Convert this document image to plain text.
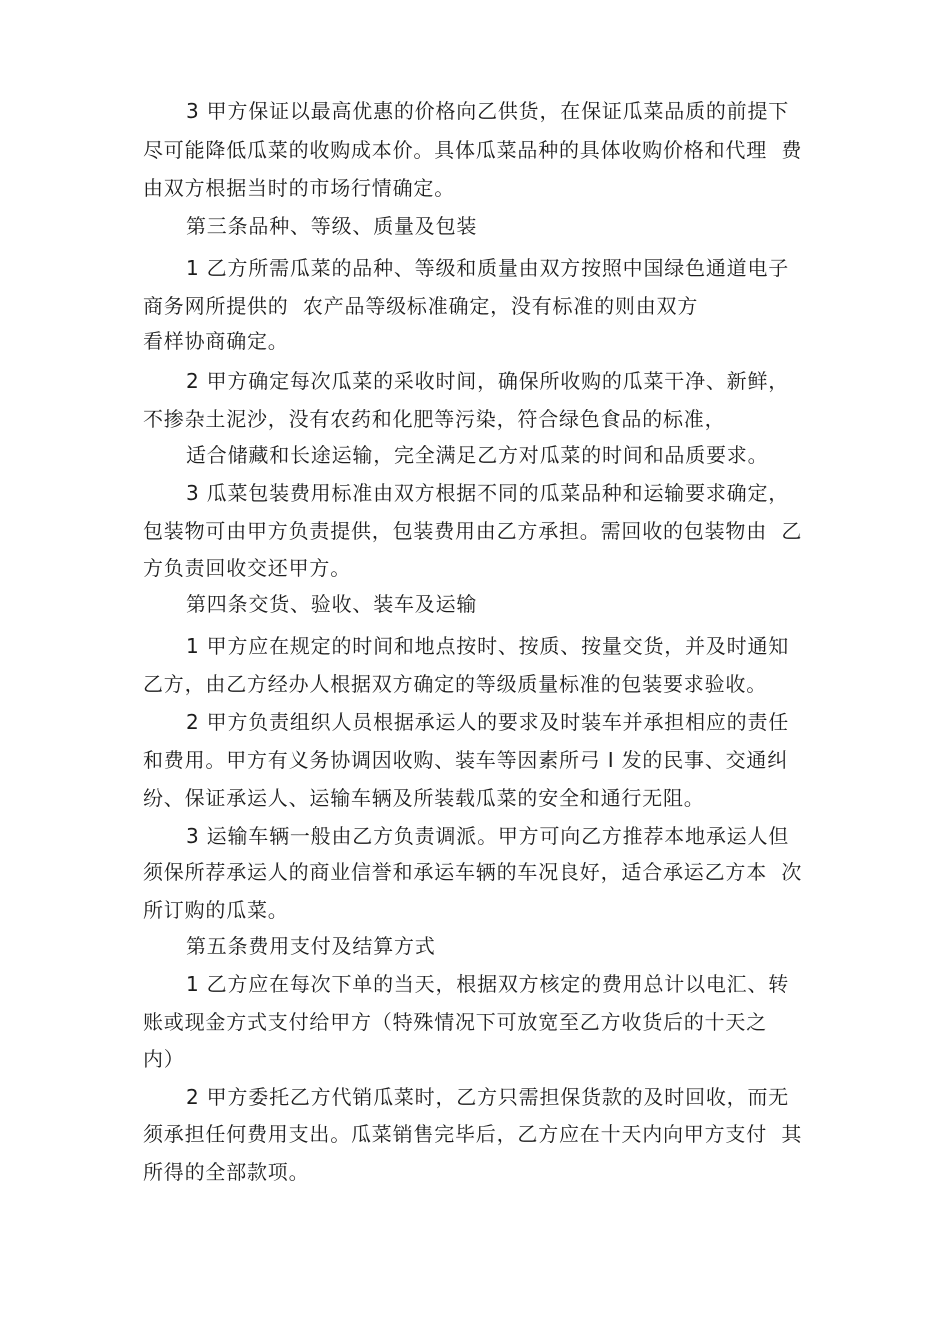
3 甲方保证以最高优惠的价格向乙供货，在保证瓜菜品质的前提下
尽可能降低瓜菜的收购成本价。具体瓜菜品种的具体收购价格和代理  费
由双方根据当时的市场行情确定。
第三条品种、等级、质量及包装
1 乙方所需瓜菜的品种、等级和质量由双方按照中国绿色通道电子
商务网所提供的  农产品等级标准确定，没有标准的则由双方
看样协商确定。
2 甲方确定每次瓜菜的采收时间，确保所收购的瓜菜干净、新鲜，
不掺杂土泥沙，没有农药和化肥等污染，符合绿色食品的标准，
适合储藏和长途运输，完全满足乙方对瓜菜的时间和品质要求。
3 瓜菜包装费用标准由双方根据不同的瓜菜品种和运输要求确定，
包装物可由甲方负责提供，包装费用由乙方承担。需回收的包装物由  乙
方负责回收交还甲方。
第四条交货、验收、装车及运输
1 甲方应在规定的时间和地点按时、按质、按量交货，并及时通知
乙方，由乙方经办人根据双方确定的等级质量标准的包装要求验收。
2 甲方负责组织人员根据承运人的要求及时装车并承担相应的责任
和费用。甲方有义务协调因收购、装车等因素所弓 I 发的民事、交通纠
纷、保证承运人、运输车辆及所装载瓜菜的安全和通行无阻。
3 运输车辆一般由乙方负责调派。甲方可向乙方推荐本地承运人但
须保所荐承运人的商业信誉和承运车辆的车况良好，适合承运乙方本  次
所订购的瓜菜。
第五条费用支付及结算方式
1 乙方应在每次下单的当天，根据双方核定的费用总计以电汇、转
账或现金方式支付给甲方（特殊情况下可放宽至乙方收货后的十天之
内）
2 甲方委托乙方代销瓜菜时，乙方只需担保货款的及时回收，而无
须承担任何费用支出。瓜菜销售完毕后，乙方应在十天内向甲方支付  其
所得的全部款项。
